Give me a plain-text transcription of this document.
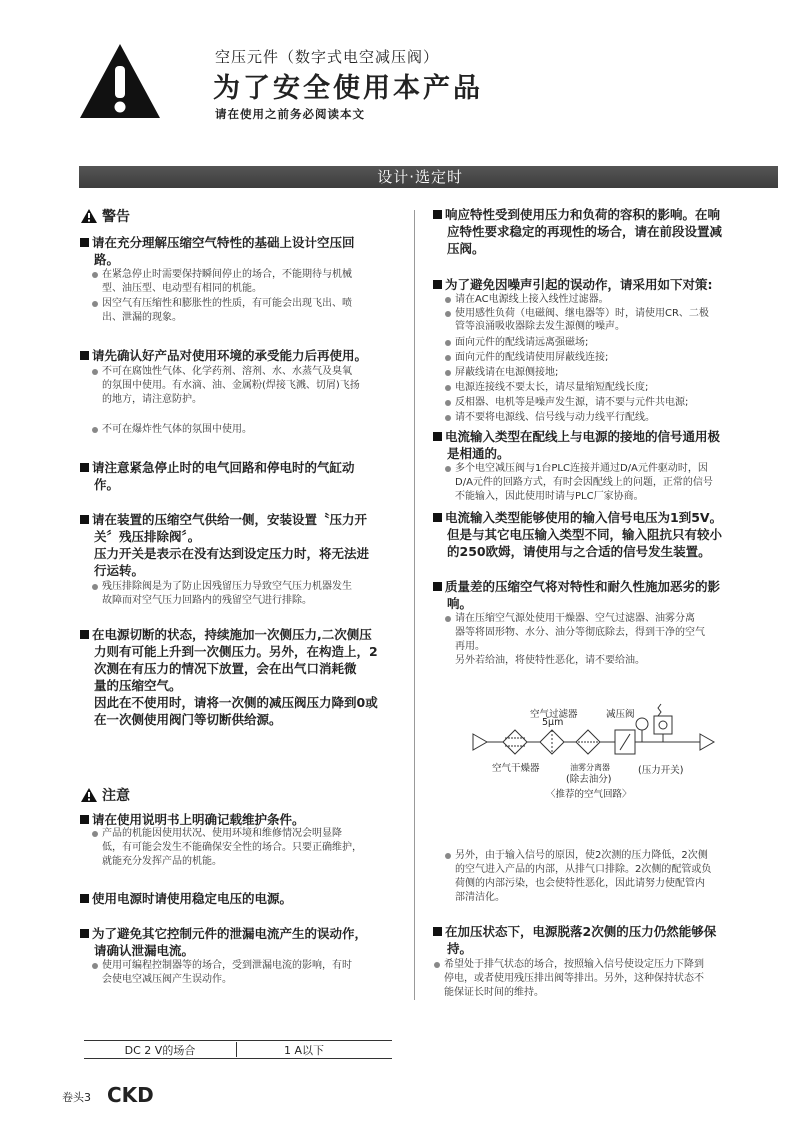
空压元件（数字式电空减压阀）
为了安全使用本产品
请在使用之前务必阅读本文
设计·选定时
警告
请在充分理解压缩空气特性的基础上设计空压回
路。
在紧急停止时需要保持瞬间停止的场合，不能期待与机械
型、油压型、电动型有相同的机能。
因空气有压缩性和膨胀性的性质，有可能会出现飞出、喷
出、泄漏的现象。
请先确认好产品对使用环境的承受能力后再使用。
不可在腐蚀性气体、化学药剂、溶剂、水、水蒸气及臭氧
的氛围中使用。有水滴、油、金属粉(焊接飞溅、切屑)飞扬
的地方，请注意防护。
不可在爆炸性气体的氛围中使用。
请注意紧急停止时的电气回路和停电时的气缸动
作。
请在装置的压缩空气供给一侧，安装设置〝压力开
关〞残压排除阀〞。
压力开关是表示在没有达到设定压力时，将无法进
行运转。
残压排除阀是为了防止因残留压力导致空气压力机器发生
故障而对空气压力回路内的残留空气进行排除。
在电源切断的状态，持续施加一次侧压力,二次侧压
力则有可能上升到一次侧压力。另外，在构造上，2
次测在有压力的情况下放置，会在出气口消耗微
量的压缩空气。
因此在不使用时，请将一次侧的减压阀压力降到0或
在一次侧使用阀门等切断供给源。
注意
请在使用说明书上明确记载维护条件。
产品的机能因使用状况、使用环境和维修情况会明显降
低，有可能会发生不能确保安全性的场合。只要正确维护，
就能充分发挥产品的机能。
使用电源时请使用稳定电压的电源。
为了避免其它控制元件的泄漏电流产生的误动作，
请确认泄漏电流。
使用可编程控制器等的场合，受到泄漏电流的影响，有时
会使电空减压阀产生误动作。
DC 2 V的场合	1 A以下
响应特性受到使用压力和负荷的容积的影响。在响
应特性要求稳定的再现性的场合，请在前段设置减
压阀。
为了避免因噪声引起的误动作，请采用如下对策:
请在AC电源线上接入线性过滤器。
使用感性负荷（电磁阀、继电器等）时，请使用CR、二极
管等浪涌吸收器除去发生源侧的噪声。
面向元件的配线请远离强磁场;
面向元件的配线请使用屏蔽线连接;
屏蔽线请在电源侧接地;
电源连接线不要太长，请尽量缩短配线长度;
反相器、电机等是噪声发生源，请不要与元件共电源;
请不要将电源线、信号线与动力线平行配线。
电流输入类型在配线上与电源的接地的信号通用极
是相通的。
多个电空减压阀与1台PLC连接并通过D/A元件驱动时，因
D/A元件的回路方式，有时会因配线上的问题，正常的信号
不能输入，因此使用时请与PLC厂家协商。
电流输入类型能够使用的输入信号电压为1到5V。
但是与其它电压输入类型不同，输入阻抗只有较小
的250欧姆，请使用与之合适的信号发生装置。
质量差的压缩空气将对特性和耐久性施加恶劣的影
响。
请在压缩空气源处使用干燥器、空气过滤器、油雾分离
器等将固形物、水分、油分等彻底除去，得到干净的空气
再用。
另外若给油，将使特性恶化，请不要给油。
空气过滤器
5μm
减压阀
空气干燥器	油雾分离器
(除去油分)
(压力开关)
〈推荐的空气回路〉
另外，由于输入信号的原因，使2次测的压力降低，2次侧
的空气进入产品的内部，从排气口排除。2次侧的配管或负
荷侧的内部污染，也会使特性恶化，因此请努力使配管内
部清洁化。
在加压状态下，电源脱落2次侧的压力仍然能够保
持。
希望处于排气状态的场合，按照输入信号使设定压力下降到
停电，或者使用残压排出阀等排出。另外，这种保持状态不
能保证长时间的维持。
卷头3 CKD
